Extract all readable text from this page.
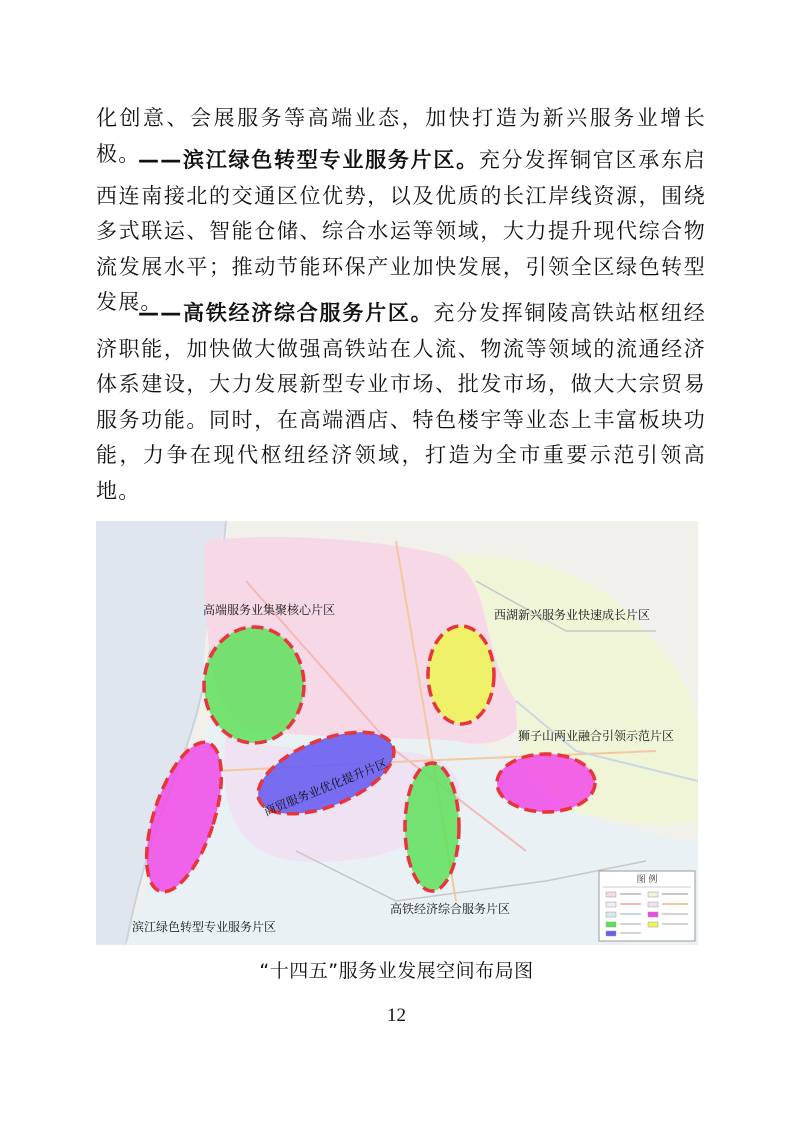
化创意、会展服务等高端业态，加快打造为新兴服务业增长极。

——滨江绿色转型专业服务片区。充分发挥铜官区承东启西连南接北的交通区位优势，以及优质的长江岸线资源，围绕多式联运、智能仓储、综合水运等领域，大力提升现代综合物流发展水平；推动节能环保产业加快发展，引领全区绿色转型发展。

——高铁经济综合服务片区。充分发挥铜陵高铁站枢纽经济职能，加快做大做强高铁站在人流、物流等领域的流通经济体系建设，大力发展新型专业市场、批发市场，做大大宗贸易服务功能。同时，在高端酒店、特色楼宇等业态上丰富板块功能，力争在现代枢纽经济领域，打造为全市重要示范引领高地。

高端服务业集聚核心片区	西湖新兴服务业快速成长片区
狮子山两业融合引领示范片区
商贸服务业优化提升片区
高铁经济综合服务片区
滨江绿色转型专业服务片区
图 例
“十四五”服务业发展空间布局图
12
